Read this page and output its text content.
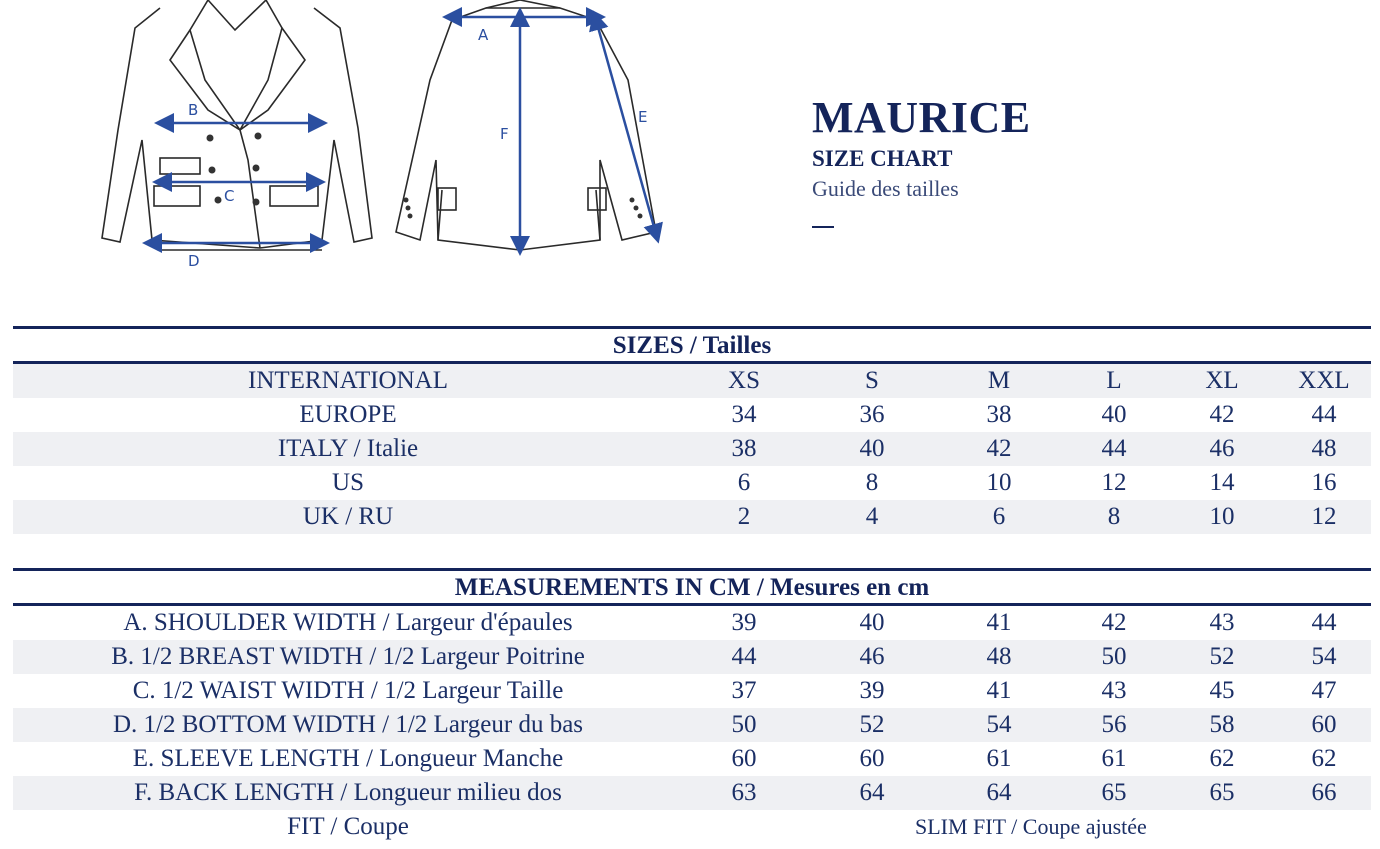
B
C
D
A
F
E	MAURICE
SIZE CHART
Guide des tailles
SIZES / Tailles
INTERNATIONAL	XS	S	M	L	XL	XXL
EUROPE	34	36	38	40	42	44
ITALY / Italie	38	40	42	44	46	48
US	6	8	10	12	14	16
UK / RU	2	4	6	8	10	12
MEASUREMENTS IN CM / Mesures en cm
A. SHOULDER WIDTH / Largeur d'épaules	39	40	41	42	43	44
B. 1/2 BREAST WIDTH / 1/2 Largeur Poitrine	44	46	48	50	52	54
C. 1/2 WAIST WIDTH / 1/2 Largeur Taille	37	39	41	43	45	47
D. 1/2 BOTTOM WIDTH / 1/2 Largeur du bas	50	52	54	56	58	60
E. SLEEVE LENGTH / Longueur Manche	60	60	61	61	62	62
F. BACK LENGTH / Longueur milieu dos	63	64	64	65	65	66
FIT / Coupe	SLIM FIT / Coupe ajustée
